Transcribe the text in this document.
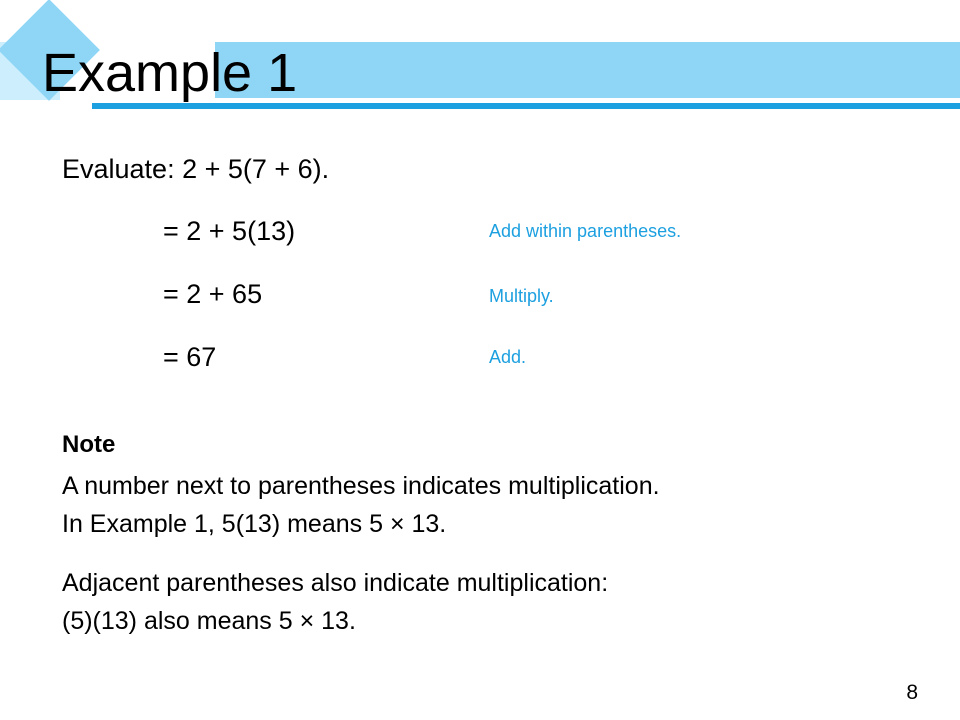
Example 1
Evaluate: 2 + 5(7 + 6).
= 2 + 5(13)	Add within parentheses.
= 2 + 65	Multiply.
= 67	Add.
Note
A number next to parentheses indicates multiplication.
In Example 1, 5(13) means 5 × 13.
Adjacent parentheses also indicate multiplication:
(5)(13) also means 5 × 13.
8
